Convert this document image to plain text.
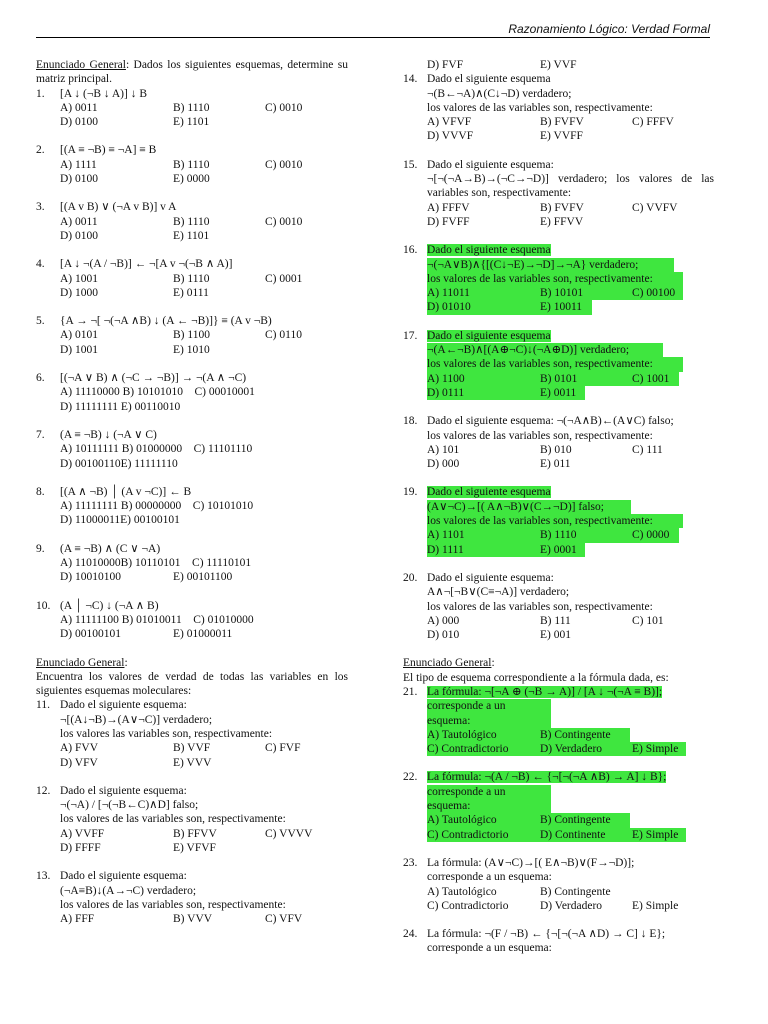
Razonamiento Lógico: Verdad Formal
Enunciado General: Dados los siguientes esquemas, determine su matriz principal.
1.	[A ↓ (¬B ↓ A)] ↓ B
A) 0011	B) 1110	C) 0010
D) 0100	E) 1101
2.	[(A ≡ ¬B) ≡ ¬A] ≡ B
A) 1111	B) 1110	C) 0010
D) 0100	E) 0000
3.	[(A v B) ∨ (¬A v B)] v A
A) 0011	B) 1110	C) 0010
D) 0100	E) 1101
4.	[A ↓ ¬(A / ¬B)] ← ¬[A v ¬(¬B ∧ A)]
A) 1001	B) 1110	C) 0001
D) 1000	E) 0111
5.	{A → ¬[ ¬(¬A ∧B) ↓ (A ← ¬B)]} ≡ (A v ¬B)
A) 0101	B) 1100	C) 0110
D) 1001	E) 1010
6.	[(¬A ∨ B) ∧ (¬C → ¬B)] → ¬(A ∧ ¬C)
A) 11110000 B) 10101010    C) 00010001
D) 11111111 E) 00110010
7.	(A ≡ ¬B) ↓ (¬A ∨ C)
A) 10111111 B) 01000000    C) 11101110
D) 00100110E) 11111110
8.	[(A ∧ ¬B) │ (A v ¬C)] ← B
A) 11111111 B) 00000000    C) 10101010
D) 11000011E) 00100101
9.	(A ≡ ¬B) ∧ (C ∨ ¬A)
A) 11010000B) 10110101    C) 11110101
D) 10010100	E) 00101100
10. (A │ ¬C) ↓ (¬A ∧ B)
A) 11111100 B) 01010011    C) 01010000
D) 00100101	E) 01000011
Enunciado General:
Encuentra los valores de verdad de todas las variables en los siguientes esquemas moleculares:
11. Dado el siguiente esquema:
¬[(A↓¬B)→(A∨¬C)] verdadero;
los valores las variables son, respectivamente:
A) FVV	B) VVF	C) FVF
D) VFV	E) VVV
12. Dado el siguiente esquema:
¬(¬A) / [¬(¬B←C)∧D] falso;
los valores de las variables son, respectivamente:
A) VVFF	B) FFVV	C) VVVV
D) FFFF	E) VFVF
13. Dado el siguiente esquema:
(¬A≡B)↓(A→¬C) verdadero;
los valores de las variables son, respectivamente:
A) FFF	B) VVV	C) VFV
D) FVF	E) VVF
14. Dado el siguiente esquema
¬(B←¬A)∧(C↓¬D) verdadero;
los valores de las variables son, respectivamente:
A) VFVF	B) FVFV	C) FFFV
D) VVVF	E) VVFF
15. Dado el siguiente esquema:
¬[¬(¬A→B)→(¬C→¬D)] verdadero; los valores de las variables son, respectivamente:
A) FFFV	B) FVFV	C) VVFV
D) FVFF	E) FFVV
16. Dado el siguiente esquema
¬(¬A∨B)∧{[(C↓¬E)→¬D]→¬A} verdadero;
los valores de las variables son, respectivamente:
A) 11011	B) 10101	C) 00100
D) 01010	E) 10011
17. Dado el siguiente esquema
¬(A←¬B)∧[(A⊕¬C)↓(¬A⊕D)] verdadero;
los valores de las variables son, respectivamente:
A) 1100	B) 0101	C) 1001
D) 0111	E) 0011
18. Dado el siguiente esquema: ¬(¬A∧B)←(A∨C) falso;
los valores de las variables son, respectivamente:
A) 101	B) 010	C) 111
D) 000	E) 011
19. Dado el siguiente esquema
(A∨¬C)→[( A∧¬B)∨(C→¬D)] falso;
los valores de las variables son, respectivamente:
A) 1101	B) 1110	C) 0000
D) 1111	E) 0001
20. Dado el siguiente esquema:
A∧¬[¬B∨(C≡¬A)] verdadero;
los valores de las variables son, respectivamente:
A) 000	B) 111	C) 101
D) 010	E) 001
Enunciado General:
El tipo de esquema correspondiente a la fórmula dada, es:
21. La fórmula: ¬[¬A ⊕ (¬B → A)] / [A ↓ ¬(¬A ≡ B)];
corresponde a un esquema:
A) Tautológico	B) Contingente
C) Contradictorio	D) Verdadero	E) Simple
22. La fórmula: ¬(A / ¬B) ← {¬[¬(¬A ∧B) → A] ↓ B};
corresponde a un esquema:
A) Tautológico	B) Contingente
C) Contradictorio	D) Continente E) Simple
23. La fórmula: (A∨¬C)→[( E∧¬B)∨(F→¬D)];
corresponde a un esquema:
A) Tautológico	B) Contingente
C) Contradictorio	D) Verdadero	E) Simple
24. La fórmula: ¬(F / ¬B) ← {¬[¬(¬A ∧D) → C] ↓ E};
corresponde a un esquema:
